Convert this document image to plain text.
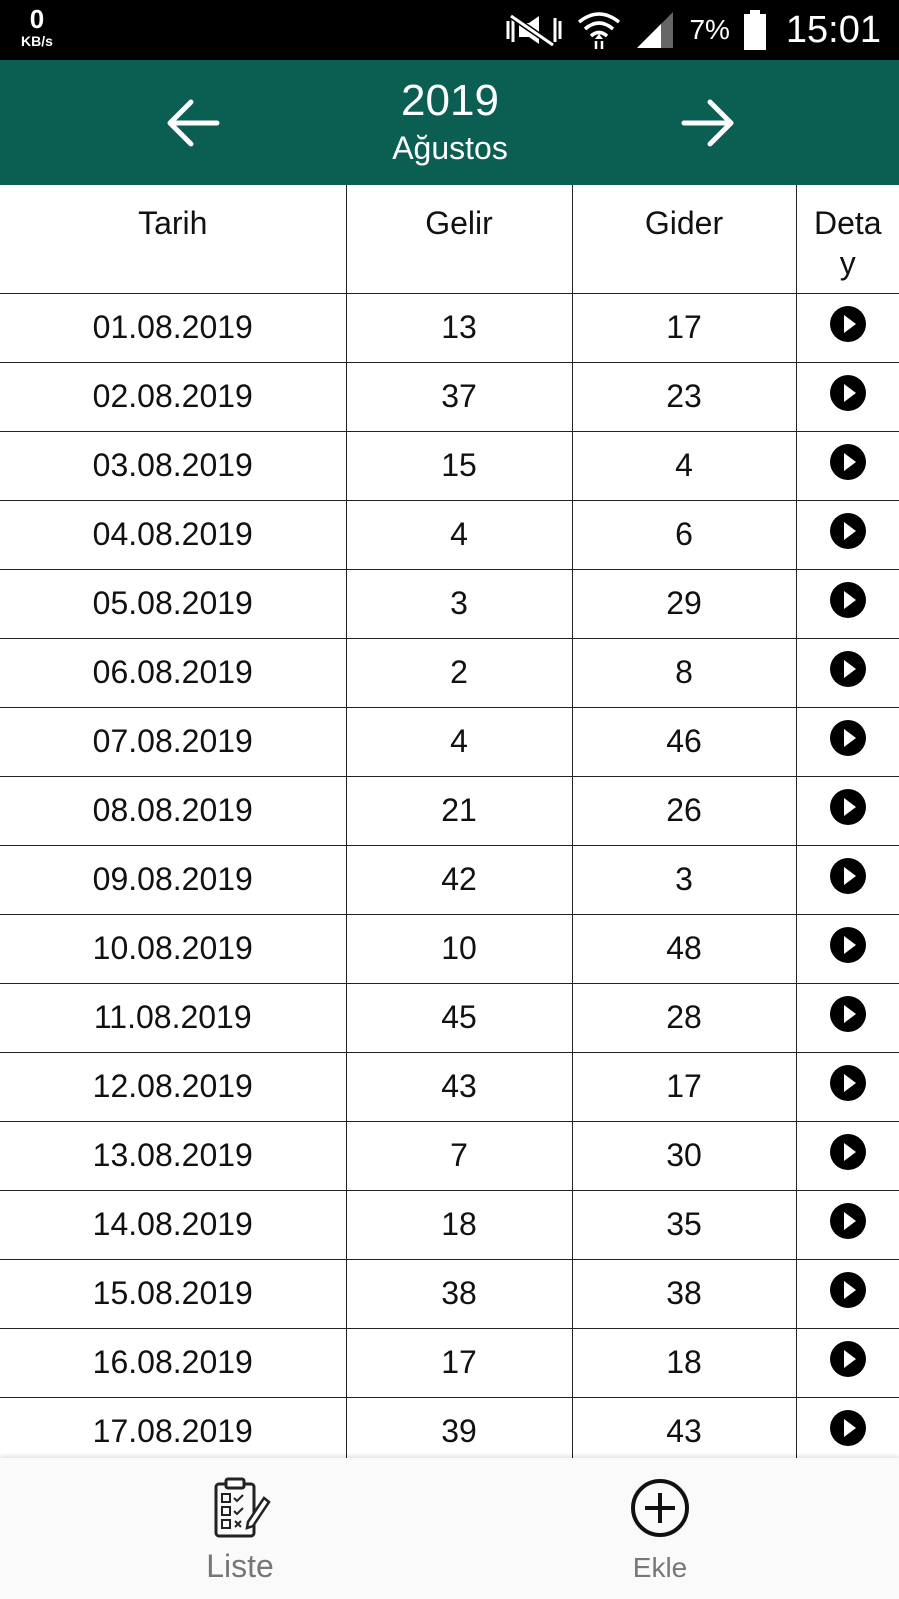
0
KB/s	7% 15:01
2019
Ağustos
Tarih	Gelir	Gider	Deta
y
01.08.2019	13	17	
02.08.2019	37	23	
03.08.2019	15	4	
04.08.2019	4	6	
05.08.2019	3	29	
06.08.2019	2	8	
07.08.2019	4	46	
08.08.2019	21	26	
09.08.2019	42	3	
10.08.2019	10	48	
11.08.2019	45	28	
12.08.2019	43	17	
13.08.2019	7	30	
14.08.2019	18	35	
15.08.2019	38	38	
16.08.2019	17	18	
17.08.2019	39	43	
Liste	Ekle
